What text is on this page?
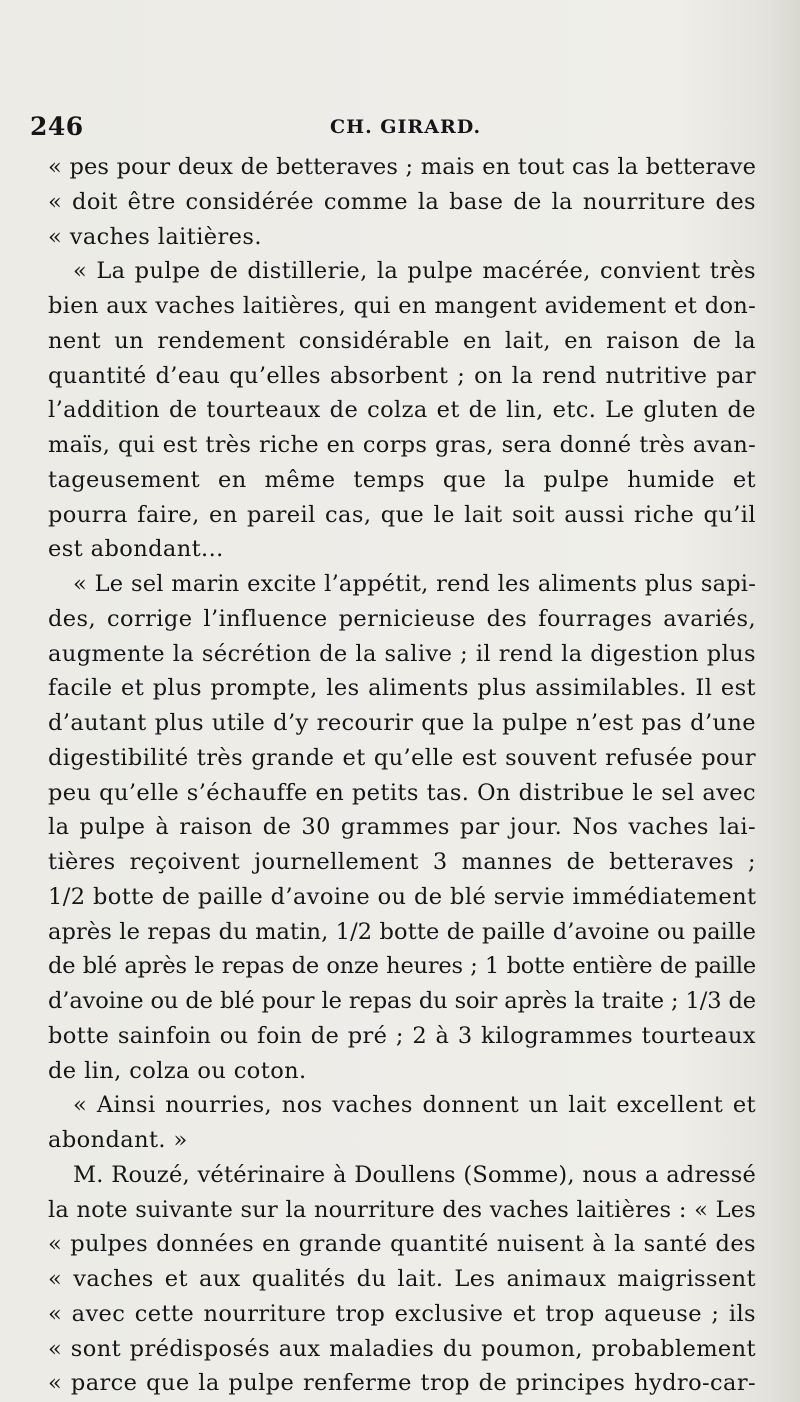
246	CH. GIRARD.
« pes pour deux de betteraves ; mais en tout cas la betterave
« doit être considérée comme la base de la nourriture des
« vaches laitières.
« La pulpe de distillerie, la pulpe macérée, convient très
bien aux vaches laitières, qui en mangent avidement et don-
nent un rendement considérable en lait, en raison de la
quantité d’eau qu’elles absorbent ; on la rend nutritive par
l’addition de tourteaux de colza et de lin, etc. Le gluten de
maïs, qui est très riche en corps gras, sera donné très avan-
tageusement en même temps que la pulpe humide et
pourra faire, en pareil cas, que le lait soit aussi riche qu’il
est abondant...
« Le sel marin excite l’appétit, rend les aliments plus sapi-
des, corrige l’influence pernicieuse des fourrages avariés,
augmente la sécrétion de la salive ; il rend la digestion plus
facile et plus prompte, les aliments plus assimilables. Il est
d’autant plus utile d’y recourir que la pulpe n’est pas d’une
digestibilité très grande et qu’elle est souvent refusée pour
peu qu’elle s’échauffe en petits tas. On distribue le sel avec
la pulpe à raison de 30 grammes par jour. Nos vaches lai-
tières reçoivent journellement 3 mannes de betteraves ;
1/2 botte de paille d’avoine ou de blé servie immédiatement
après le repas du matin, 1/2 botte de paille d’avoine ou paille
de blé après le repas de onze heures ; 1 botte entière de paille
d’avoine ou de blé pour le repas du soir après la traite ; 1/3 de
botte sainfoin ou foin de pré ; 2 à 3 kilogrammes tourteaux
de lin, colza ou coton.
« Ainsi nourries, nos vaches donnent un lait excellent et
abondant. »
M. Rouzé, vétérinaire à Doullens (Somme), nous a adressé
la note suivante sur la nourriture des vaches laitières : « Les
« pulpes données en grande quantité nuisent à la santé des
« vaches et aux qualités du lait. Les animaux maigrissent
« avec cette nourriture trop exclusive et trop aqueuse ; ils
« sont prédisposés aux maladies du poumon, probablement
« parce que la pulpe renferme trop de principes hydro-car-
